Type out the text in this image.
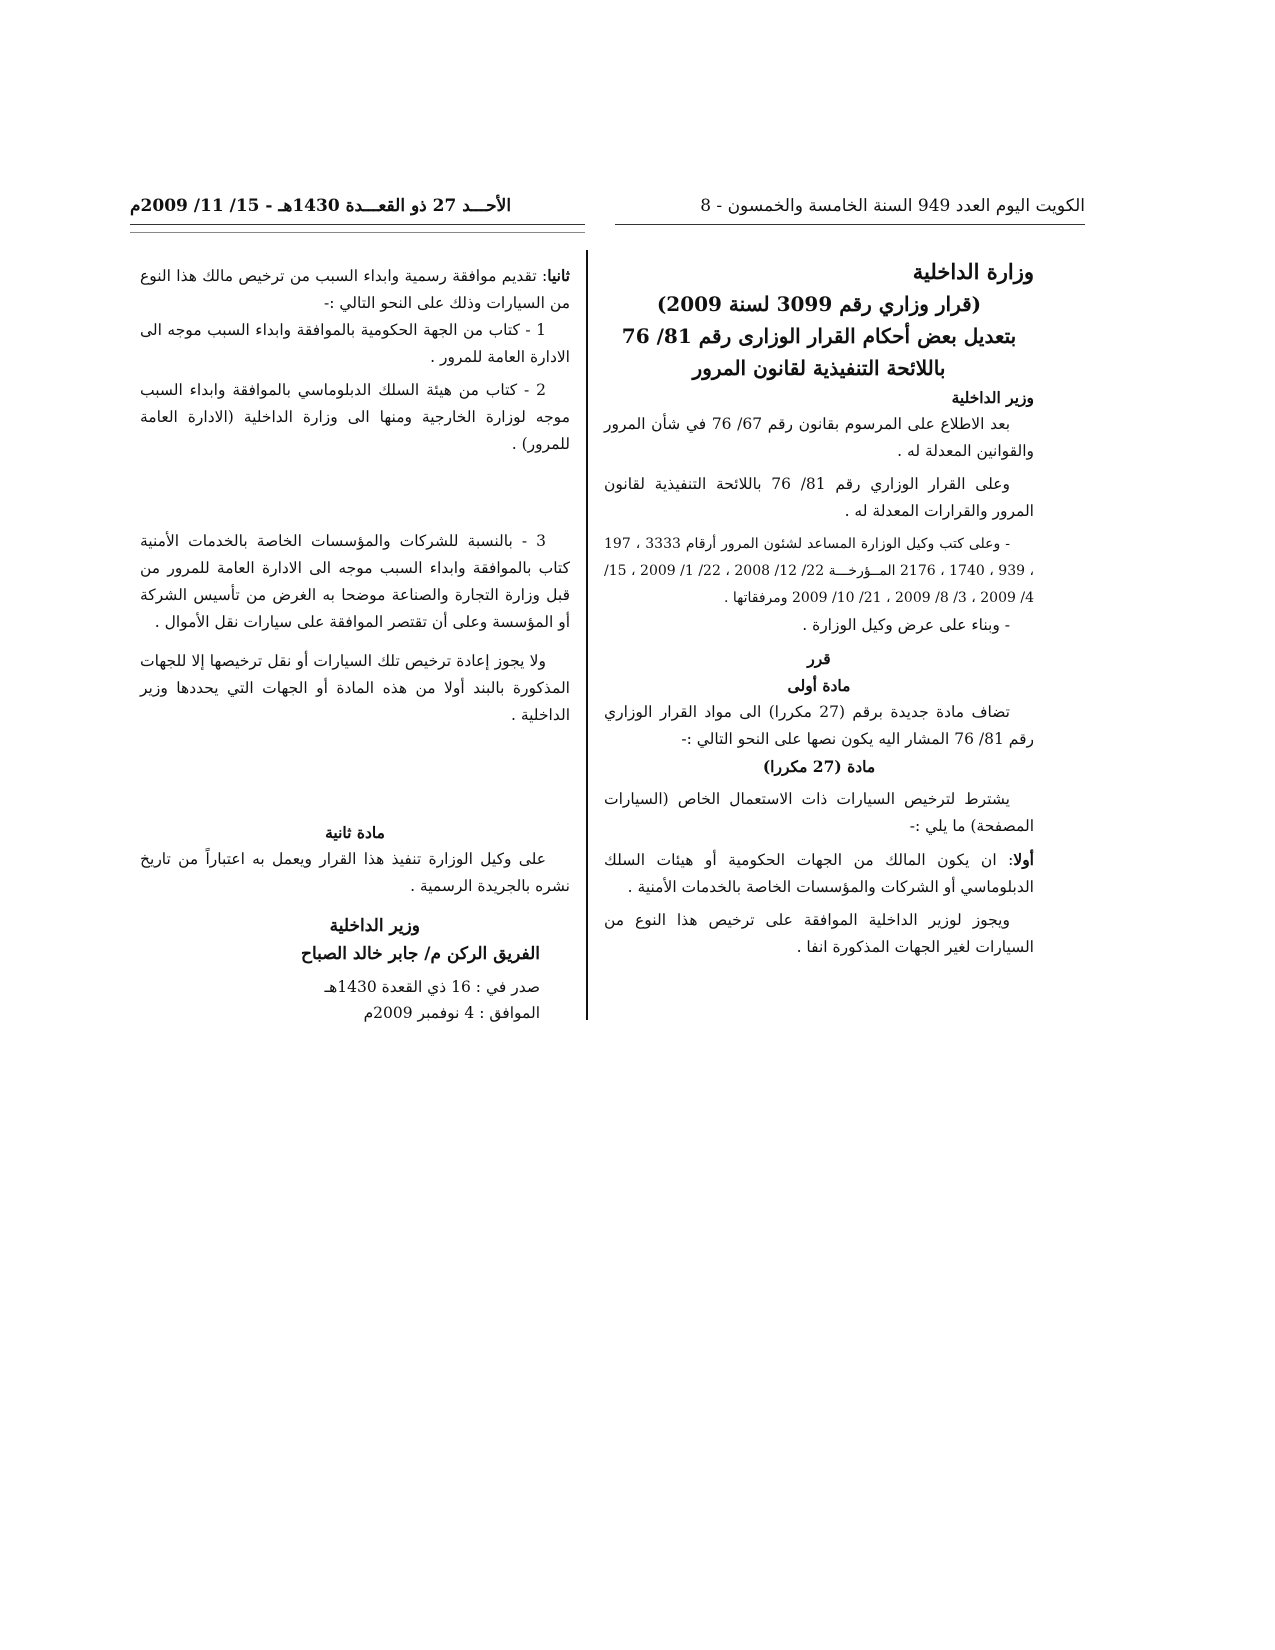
الكويت اليوم العدد 949 السنة الخامسة والخمسون - 8
الأحـــد 27 ذو القعـــدة 1430هـ - 15/ 11/ 2009م

وزارة الداخلية

(قرار وزاري رقم 3099 لسنة 2009)

بتعديل بعض أحكام القرار الوزارى رقم 81/ 76

باللائحة التنفيذية لقانون المرور

وزير الداخلية

بعد الاطلاع على المرسوم بقانون رقم 67/ 76 في شأن المرور والقوانين المعدلة له .

وعلى القرار الوزاري رقم 81/ 76 باللائحة التنفيذية لقانون المرور والقرارات المعدلة له .

- وعلى كتب وكيل الوزارة المساعد لشئون المرور أرقام 3333 ، 197 ، 939 ، 1740 ، 2176 المــؤرخـــة 22/ 12/ 2008 ، 22/ 1/ 2009 ، 15/ 4/ 2009 ، 3/ 8/ 2009 ، 21/ 10/ 2009 ومرفقاتها .

- وبناء على عرض وكيل الوزارة .

قرر

مادة أولى

تضاف مادة جديدة برقم (27 مكررا) الى مواد القرار الوزاري رقم 81/ 76 المشار اليه يكون نصها على النحو التالي :-

مادة (27 مكررا)

يشترط لترخيص السيارات ذات الاستعمال الخاص (السيارات المصفحة) ما يلي :-

أولا: ان يكون المالك من الجهات الحكومية أو هيئات السلك الدبلوماسي أو الشركات والمؤسسات الخاصة بالخدمات الأمنية .

ويجوز لوزير الداخلية الموافقة على ترخيص هذا النوع من السيارات لغير الجهات المذكورة انفا .

ثانيا: تقديم موافقة رسمية وابداء السبب من ترخيص مالك هذا النوع من السيارات وذلك على النحو التالي :-

1 - كتاب من الجهة الحكومية بالموافقة وابداء السبب موجه الى الادارة العامة للمرور .

2 - كتاب من هيئة السلك الدبلوماسي بالموافقة وابداء السبب موجه لوزارة الخارجية ومنها الى وزارة الداخلية (الادارة العامة للمرور) .

3 - بالنسبة للشركات والمؤسسات الخاصة بالخدمات الأمنية كتاب بالموافقة وابداء السبب موجه الى الادارة العامة للمرور من قبل وزارة التجارة والصناعة موضحا به الغرض من تأسيس الشركة أو المؤسسة وعلى أن تقتصر الموافقة على سيارات نقل الأموال .

ولا يجوز إعادة ترخيص تلك السيارات أو نقل ترخيصها إلا للجهات المذكورة بالبند أولا من هذه المادة أو الجهات التي يحددها وزير الداخلية .

مادة ثانية

على وكيل الوزارة تنفيذ هذا القرار ويعمل به اعتباراً من تاريخ نشره بالجريدة الرسمية .

وزير الداخلية

الفريق الركن م/ جابر خالد الصباح

صدر في : 16 ذي القعدة 1430هـ

الموافق : 4 نوفمبر 2009م
